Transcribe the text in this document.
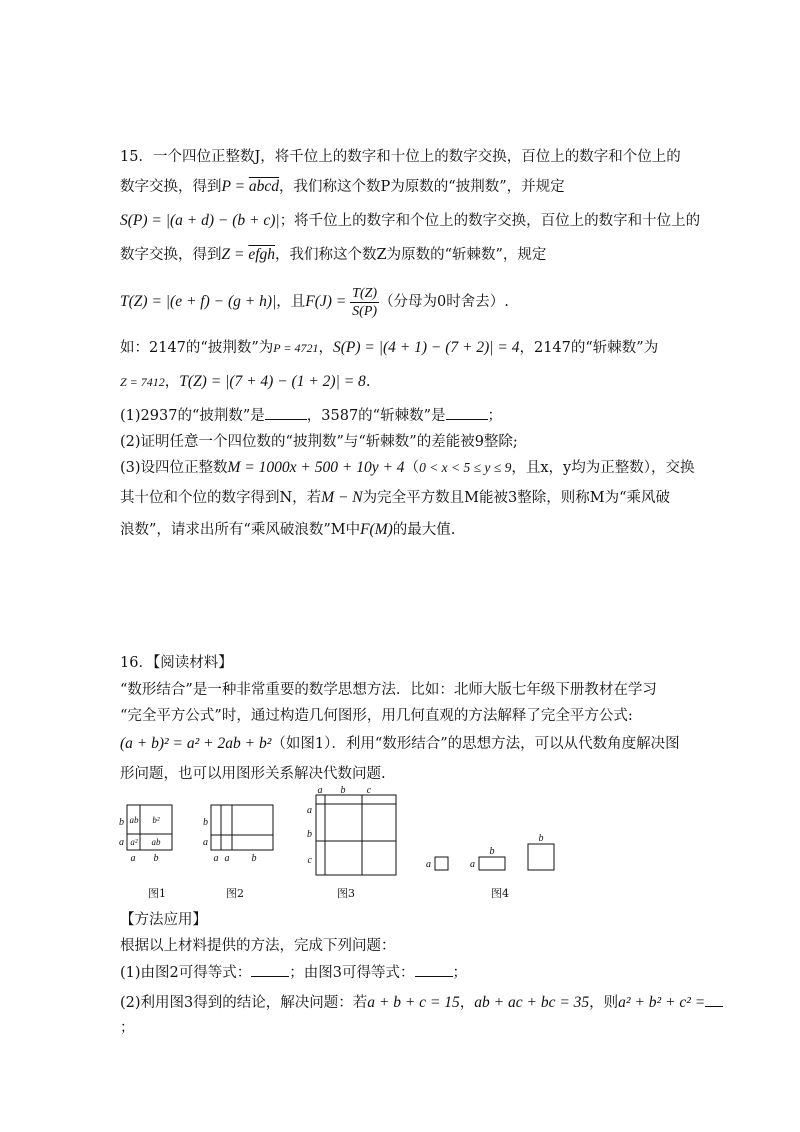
15．一个四位正整数J，将千位上的数字和十位上的数字交换，百位上的数字和个位上的
数字交换，得到P = abcd，我们称这个数P为原数的“披荆数”，并规定
S(P) = |(a + d) − (b + c)|；将千位上的数字和个位上的数字交换，百位上的数字和十位上的
数字交换，得到Z = efgh，我们称这个数Z为原数的“斩棘数”，规定
T(Z) = |(e + f) − (g + h)|，且$F(J) = \frac{T(Z)}{S(P)}$ （分母为0时舍去）.
如：2147的“披荆数”为P = 4721，S(P) = |(4 + 1) − (7 + 2)| = 4，2147的“斩棘数”为
Z = 7412，T(Z) = |(7 + 4) − (1 + 2)| = 8.
(1)2937的“披荆数”是	，3587的“斩棘数”是	；
(2)证明任意一个四位数的“披荆数”与“斩棘数”的差能被9整除;
(3)设四位正整数M = 1000x + 500 + 10y + 4（0 < x < 5 ≤ y ≤ 9，且x，y均为正整数），交换
其十位和个位的数字得到N，若M − N为完全平方数且M能被3整除，则称M为“乘风破
浪数”，请求出所有“乘风破浪数”M中F(M)的最大值.
16．【阅读材料】
“数形结合”是一种非常重要的数学思想方法．比如：北师大版七年级下册教材在学习
“完全平方公式”时，通过构造几何图形，用几何直观的方法解释了完全平方公式:
(a + b)² = a² + 2ab + b²（如图1）．利用“数形结合”的思想方法，可以从代数角度解决图
形问题，也可以用图形关系解决代数问题.
b
a
a b
ab b²
a² ab
b
a
a a b
a b c
a
b
c	a
b
a
b
图1	图2	图3	图4
【方法应用】
根据以上材料提供的方法，完成下列问题：
(1)由图2可得等式：	；由图3可得等式：	；
(2)利用图3得到的结论，解决问题：若a + b + c = 15，ab + ac + bc = 35，则a² + b² + c² =
；
